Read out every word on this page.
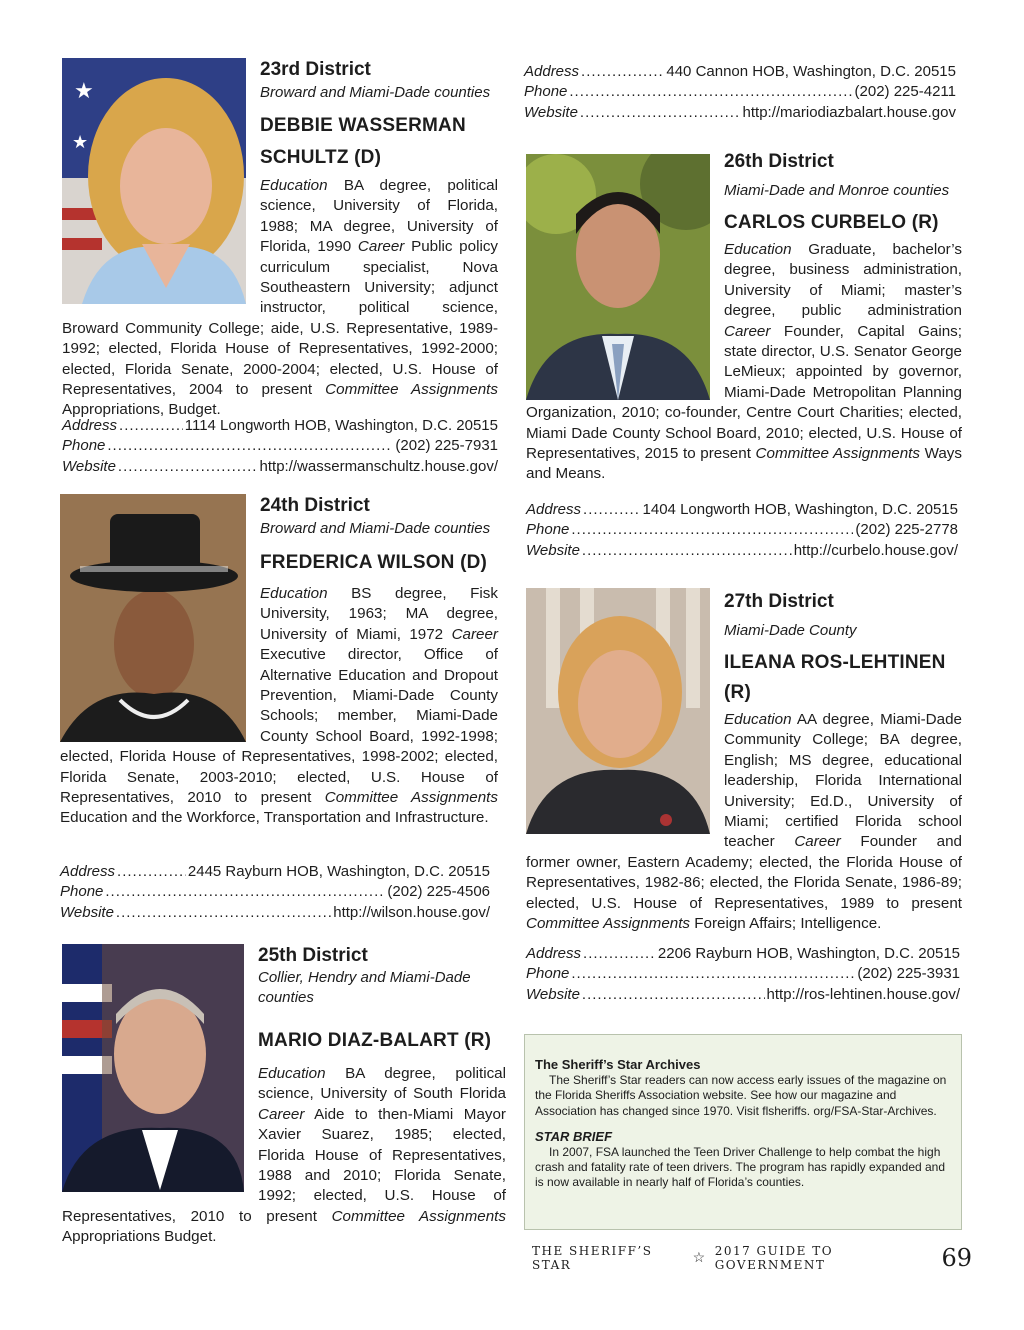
★
★
23rd District
Broward and Miami-Dade counties
DEBBIE WASSERMAN
SCHULTZ (D)
Education BA degree, political science, University of Florida, 1988; MA degree, University of Florida, 1990 Career Public policy curriculum specialist, Nova Southeastern University; adjunct instructor, political science, Broward Community College; aide, U.S. Representative, 1989-1992; elected, Florida House of Representatives, 1992-2000; elected, Florida Senate, 2000-2004; elected, U.S. House of Representatives, 2004 to present Committee Assignments Appropriations, Budget.
Address .....	1114 Longworth HOB, Washington, D.C. 20515
Phone .....	(202) 225-7931
Website .....	http://wassermanschultz.house.gov/
24th District
Broward and Miami-Dade counties
FREDERICA WILSON (D)
Education BS degree, Fisk University, 1963; MA degree, University of Miami, 1972 Career Executive director, Office of Alternative Education and Dropout Prevention, Miami-Dade County Schools; member, Miami-Dade County School Board, 1992-1998; elected, Florida House of Representatives, 1998-2002; elected, Florida Senate, 2003-2010; elected, U.S. House of Representatives, 2010 to present Committee Assignments Education and the Workforce, Transportation and Infrastructure.
Address .....	2445 Rayburn HOB, Washington, D.C. 20515
Phone .....	(202) 225-4506
Website .....	http://wilson.house.gov/
25th District
Collier, Hendry and Miami-Dade counties
MARIO DIAZ-BALART (R)
Education BA degree, political science, University of South Florida Career Aide to then-Miami Mayor Xavier Suarez, 1985; elected, Florida House of Representatives, 1988 and 2010; Florida Senate, 1992; elected, U.S. House of Representatives, 2010 to present Committee Assignments Appropriations Budget.
Address .....	440 Cannon HOB, Washington, D.C. 20515
Phone .....	(202) 225-4211
Website .....	http://mariodiazbalart.house.gov
26th District
Miami-Dade and Monroe counties
CARLOS CURBELO (R)
Education Graduate, bachelor’s degree, business administration, University of Miami; master’s degree, public administration Career Founder, Capital Gains; state director, U.S. Senator George LeMieux; appointed by governor, Miami-Dade Metropolitan Planning Organization, 2010; co-founder, Centre Court Charities; elected, Miami Dade County School Board, 2010; elected, U.S. House of Representatives, 2015 to present Committee Assignments Ways and Means.
Address .....	1404 Longworth HOB, Washington, D.C. 20515
Phone .....	(202) 225-2778
Website .....	http://curbelo.house.gov/
27th District
Miami-Dade County
ILEANA ROS-LEHTINEN (R)
Education AA degree, Miami-Dade Community College; BA degree, English; MS degree, educational leadership, Florida International University; Ed.D., University of Miami; certified Florida school teacher Career Founder and former owner, Eastern Academy; elected, the Florida House of Representatives, 1982-86; elected, the Florida Senate, 1986-89; elected, U.S. House of Representatives, 1989 to present Committee Assignments Foreign Affairs; Intelligence.
Address .....	2206 Rayburn HOB, Washington, D.C. 20515
Phone .....	(202) 225-3931
Website .....	http://ros-lehtinen.house.gov/
The Sheriff’s Star Archives
The Sheriff’s Star readers can now access early issues of the magazine on the Florida Sheriffs Association website. See how our magazine and Association has changed since 1970. Visit flsheriffs. org/FSA-Star-Archives.
STAR BRIEF
In 2007, FSA launched the Teen Driver Challenge to help combat the high crash and fatality rate of teen drivers. The program has rapidly expanded and is now available in nearly half of Florida’s counties.
THE SHERIFF’S STAR	☆ 2017 GUIDE TO GOVERNMENT	69
